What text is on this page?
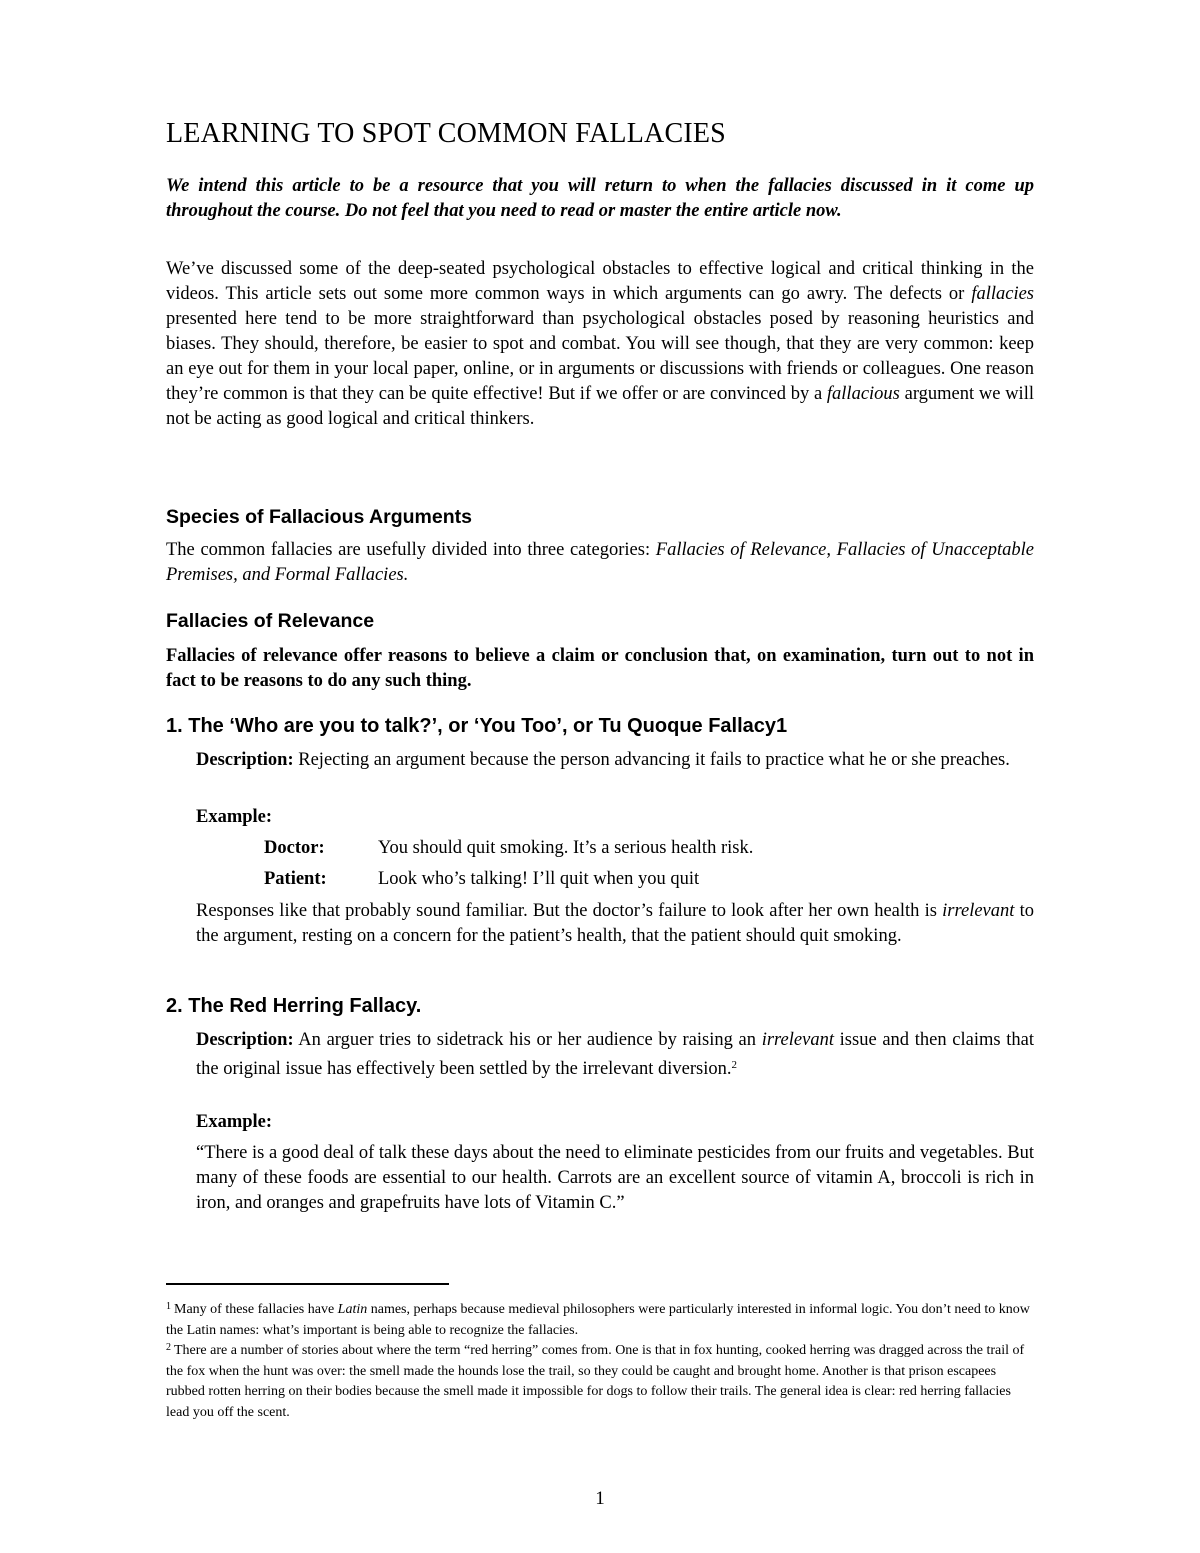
LEARNING TO SPOT COMMON FALLACIES

We intend this article to be a resource that you will return to when the fallacies discussed in it come up throughout the course. Do not feel that you need to read or master the entire article now.

We’ve discussed some of the deep-seated psychological obstacles to effective logical and critical thinking in the videos. This article sets out some more common ways in which arguments can go awry. The defects or fallacies presented here tend to be more straightforward than psychological obstacles posed by reasoning heuristics and biases. They should, therefore, be easier to spot and combat. You will see though, that they are very common: keep an eye out for them in your local paper, online, or in arguments or discussions with friends or colleagues. One reason they’re common is that they can be quite effective! But if we offer or are convinced by a fallacious argument we will not be acting as good logical and critical thinkers.

Species of Fallacious Arguments

The common fallacies are usefully divided into three categories: Fallacies of Relevance, Fallacies of Unacceptable Premises, and Formal Fallacies.

Fallacies of Relevance

Fallacies of relevance offer reasons to believe a claim or conclusion that, on examination, turn out to not in fact to be reasons to do any such thing.

1. The ‘Who are you to talk?’, or ‘You Too’, or Tu Quoque Fallacy1

Description: Rejecting an argument because the person advancing it fails to practice what he or she preaches.

Example:

Doctor:	You should quit smoking. It’s a serious health risk.
Patient:	Look who’s talking! I’ll quit when you quit

Responses like that probably sound familiar. But the doctor’s failure to look after her own health is irrelevant to the argument, resting on a concern for the patient’s health, that the patient should quit smoking.

2. The Red Herring Fallacy.

Description: An arguer tries to sidetrack his or her audience by raising an irrelevant issue and then claims that the original issue has effectively been settled by the irrelevant diversion.$^2$

Example:

“There is a good deal of talk these days about the need to eliminate pesticides from our fruits and vegetables. But many of these foods are essential to our health. Carrots are an excellent source of vitamin A, broccoli is rich in iron, and oranges and grapefruits have lots of Vitamin C.”

$^1$ Many of these fallacies have Latin names, perhaps because medieval philosophers were particularly interested in informal logic. You don’t need to know the Latin names: what’s important is being able to recognize the fallacies.

$^2$ There are a number of stories about where the term “red herring” comes from. One is that in fox hunting, cooked herring was dragged across the trail of the fox when the hunt was over: the smell made the hounds lose the trail, so they could be caught and brought home. Another is that prison escapees rubbed rotten herring on their bodies because the smell made it impossible for dogs to follow their trails. The general idea is clear: red herring fallacies lead you off the scent.

1
